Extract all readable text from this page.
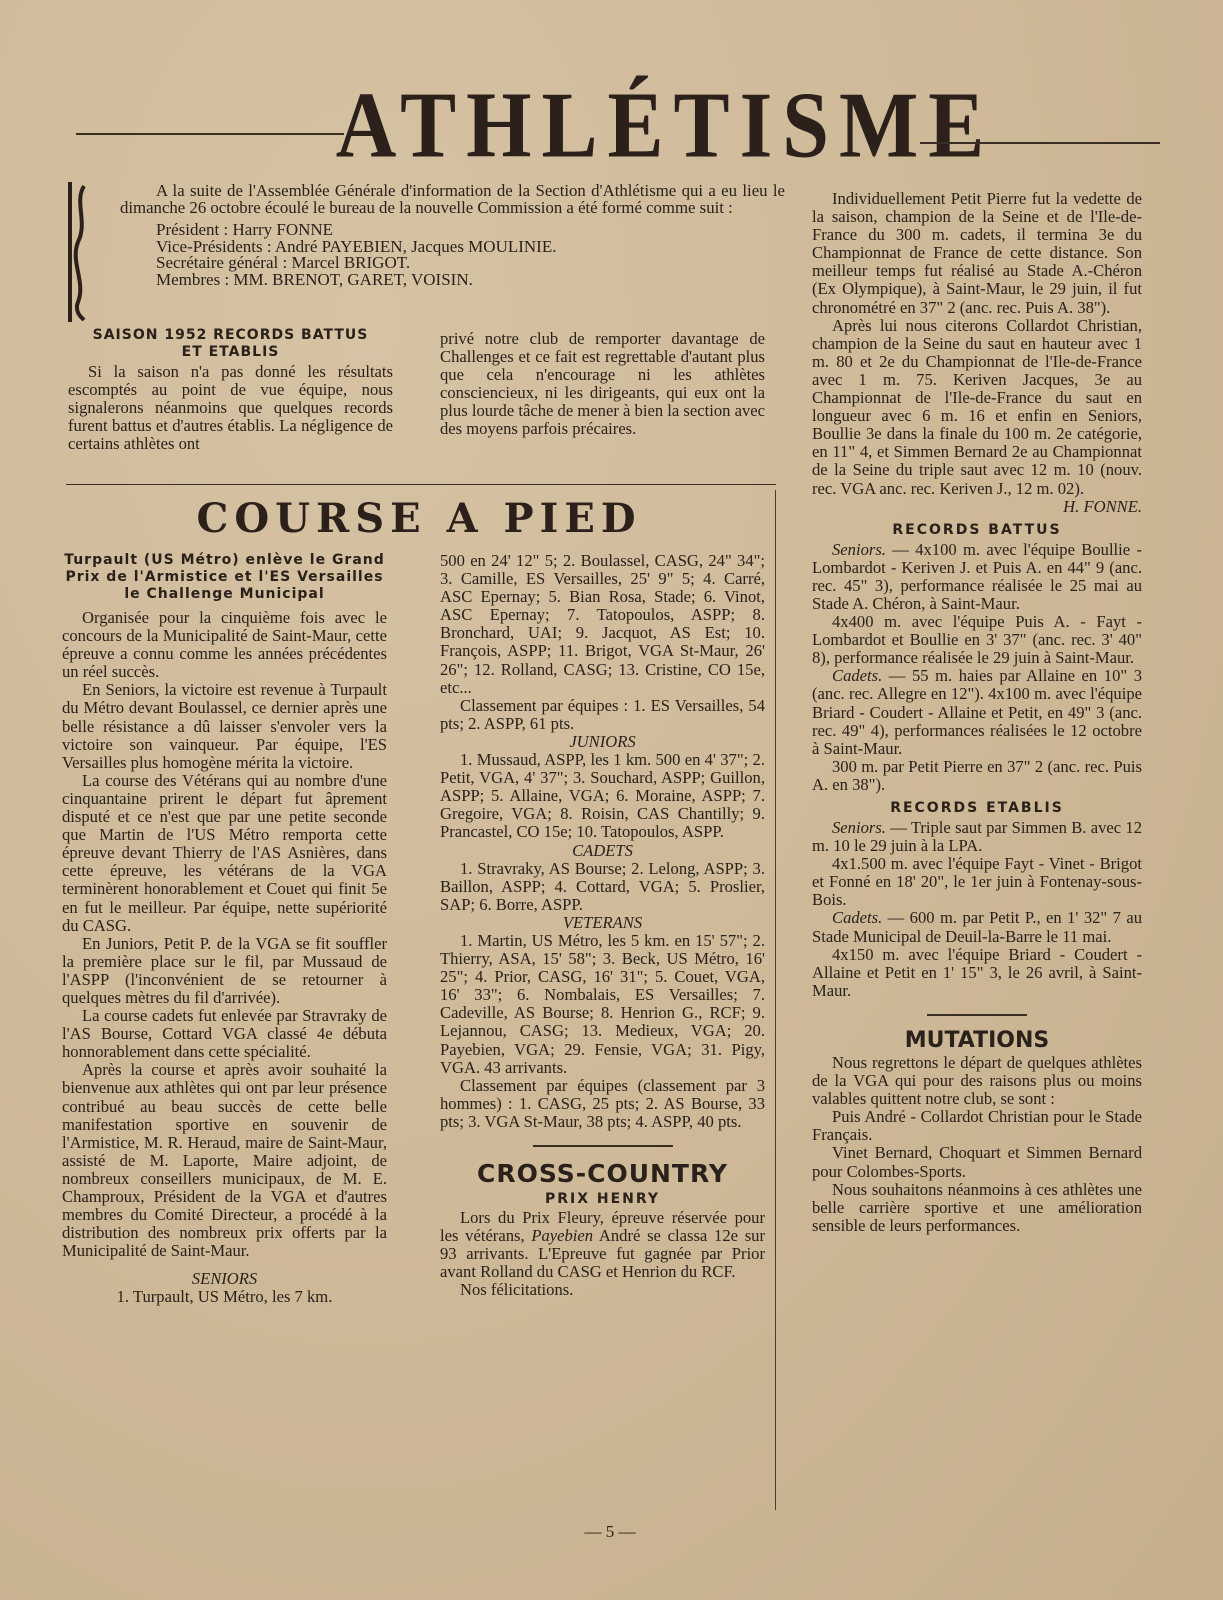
ATHLÉTISME

A la suite de l'Assemblée Générale d'information de la Section d'Athlétisme qui a eu lieu le dimanche 26 octobre écoulé le bureau de la nouvelle Commission a été formé comme suit :

Président : Harry FONNE

Vice-Présidents : André PAYEBIEN, Jacques MOULINIE.

Secrétaire général : Marcel BRIGOT.

Membres : MM. BRENOT, GARET, VOISIN.

SAISON 1952 RECORDS BATTUS
ET ETABLIS

Si la saison n'a pas donné les résultats escomptés au point de vue équipe, nous signalerons néanmoins que quelques records furent battus et d'autres établis. La négligence de certains athlètes ont

privé notre club de remporter davantage de Challenges et ce fait est regrettable d'autant plus que cela n'encourage ni les athlètes consciencieux, ni les dirigeants, qui eux ont la plus lourde tâche de mener à bien la section avec des moyens parfois précaires.

COURSE A PIED
Turpault (US Métro) enlève le Grand
Prix de l'Armistice et l'ES Versailles
le Challenge Municipal

Organisée pour la cinquième fois avec le concours de la Municipalité de Saint-Maur, cette épreuve a connu comme les années précédentes un réel succès.

En Seniors, la victoire est revenue à Turpault du Métro devant Boulassel, ce dernier après une belle résistance a dû laisser s'envoler vers la victoire son vainqueur. Par équipe, l'ES Versailles plus homogène mérita la victoire.

La course des Vétérans qui au nombre d'une cinquantaine prirent le départ fut âprement disputé et ce n'est que par une petite seconde que Martin de l'US Métro remporta cette épreuve devant Thierry de l'AS Asnières, dans cette épreuve, les vétérans de la VGA terminèrent honorablement et Couet qui finit 5e en fut le meilleur. Par équipe, nette supériorité du CASG.

En Juniors, Petit P. de la VGA se fit souffler la première place sur le fil, par Mussaud de l'ASPP (l'inconvénient de se retourner à quelques mètres du fil d'arrivée).

La course cadets fut enlevée par Stravraky de l'AS Bourse, Cottard VGA classé 4e débuta honnorablement dans cette spécialité.

Après la course et après avoir souhaité la bienvenue aux athlètes qui ont par leur présence contribué au beau succès de cette belle manifestation sportive en souvenir de l'Armistice, M. R. Heraud, maire de Saint-Maur, assisté de M. Laporte, Maire adjoint, de nombreux conseillers municipaux, de M. E. Champroux, Président de la VGA et d'autres membres du Comité Directeur, a procédé à la distribution des nombreux prix offerts par la Municipalité de Saint-Maur.

SENIORS

1. Turpault, US Métro, les 7 km.

500 en 24' 12" 5; 2. Boulassel, CASG, 24" 34"; 3. Camille, ES Versailles, 25' 9" 5; 4. Carré, ASC Epernay; 5. Bian Rosa, Stade; 6. Vinot, ASC Epernay; 7. Tatopoulos, ASPP; 8. Bronchard, UAI; 9. Jacquot, AS Est; 10. François, ASPP; 11. Brigot, VGA St-Maur, 26' 26"; 12. Rolland, CASG; 13. Cristine, CO 15e, etc...

Classement par équipes : 1. ES Versailles, 54 pts; 2. ASPP, 61 pts.

JUNIORS

1. Mussaud, ASPP, les 1 km. 500 en 4' 37"; 2. Petit, VGA, 4' 37"; 3. Souchard, ASPP; Guillon, ASPP; 5. Allaine, VGA; 6. Moraine, ASPP; 7. Gregoire, VGA; 8. Roisin, CAS Chantilly; 9. Prancastel, CO 15e; 10. Tatopoulos, ASPP.

CADETS

1. Stravraky, AS Bourse; 2. Lelong, ASPP; 3. Baillon, ASPP; 4. Cottard, VGA; 5. Proslier, SAP; 6. Borre, ASPP.

VETERANS

1. Martin, US Métro, les 5 km. en 15' 57"; 2. Thierry, ASA, 15' 58"; 3. Beck, US Métro, 16' 25"; 4. Prior, CASG, 16' 31"; 5. Couet, VGA, 16' 33"; 6. Nombalais, ES Versailles; 7. Cadeville, AS Bourse; 8. Henrion G., RCF; 9. Lejannou, CASG; 13. Medieux, VGA; 20. Payebien, VGA; 29. Fensie, VGA; 31. Pigy, VGA. 43 arrivants.

Classement par équipes (classement par 3 hommes) : 1. CASG, 25 pts; 2. AS Bourse, 33 pts; 3. VGA St-Maur, 38 pts; 4. ASPP, 40 pts.

CROSS-COUNTRY
PRIX HENRY

Lors du Prix Fleury, épreuve réservée pour les vétérans, Payebien André se classa 12e sur 93 arrivants. L'Epreuve fut gagnée par Prior avant Rolland du CASG et Henrion du RCF.

Nos félicitations.

Individuellement Petit Pierre fut la vedette de la saison, champion de la Seine et de l'Ile-de-France du 300 m. cadets, il termina 3e du Championnat de France de cette distance. Son meilleur temps fut réalisé au Stade A.-Chéron (Ex Olympique), à Saint-Maur, le 29 juin, il fut chronométré en 37" 2 (anc. rec. Puis A. 38").

Après lui nous citerons Collardot Christian, champion de la Seine du saut en hauteur avec 1 m. 80 et 2e du Championnat de l'Ile-de-France avec 1 m. 75. Keriven Jacques, 3e au Championnat de l'Ile-de-France du saut en longueur avec 6 m. 16 et enfin en Seniors, Boullie 3e dans la finale du 100 m. 2e catégorie, en 11" 4, et Simmen Bernard 2e au Championnat de la Seine du triple saut avec 12 m. 10 (nouv. rec. VGA anc. rec. Keriven J., 12 m. 02).
H. FONNE.

RECORDS BATTUS

Seniors. — 4x100 m. avec l'équipe Boullie - Lombardot - Keriven J. et Puis A. en 44" 9 (anc. rec. 45" 3), performance réalisée le 25 mai au Stade A. Chéron, à Saint-Maur.

4x400 m. avec l'équipe Puis A. - Fayt - Lombardot et Boullie en 3' 37" (anc. rec. 3' 40" 8), performance réalisée le 29 juin à Saint-Maur.

Cadets. — 55 m. haies par Allaine en 10" 3 (anc. rec. Allegre en 12"). 4x100 m. avec l'équipe Briard - Coudert - Allaine et Petit, en 49" 3 (anc. rec. 49" 4), performances réalisées le 12 octobre à Saint-Maur.

300 m. par Petit Pierre en 37" 2 (anc. rec. Puis A. en 38").

RECORDS ETABLIS

Seniors. — Triple saut par Simmen B. avec 12 m. 10 le 29 juin à la LPA.

4x1.500 m. avec l'équipe Fayt - Vinet - Brigot et Fonné en 18' 20", le 1er juin à Fontenay-sous-Bois.

Cadets. — 600 m. par Petit P., en 1' 32" 7 au Stade Municipal de Deuil-la-Barre le 11 mai.

4x150 m. avec l'équipe Briard - Coudert - Allaine et Petit en 1' 15" 3, le 26 avril, à Saint-Maur.

MUTATIONS

Nous regrettons le départ de quelques athlètes de la VGA qui pour des raisons plus ou moins valables quittent notre club, se sont :

Puis André - Collardot Christian pour le Stade Français.

Vinet Bernard, Choquart et Simmen Bernard pour Colombes-Sports.

Nous souhaitons néanmoins à ces athlètes une belle carrière sportive et une amélioration sensible de leurs performances.

— 5 —
